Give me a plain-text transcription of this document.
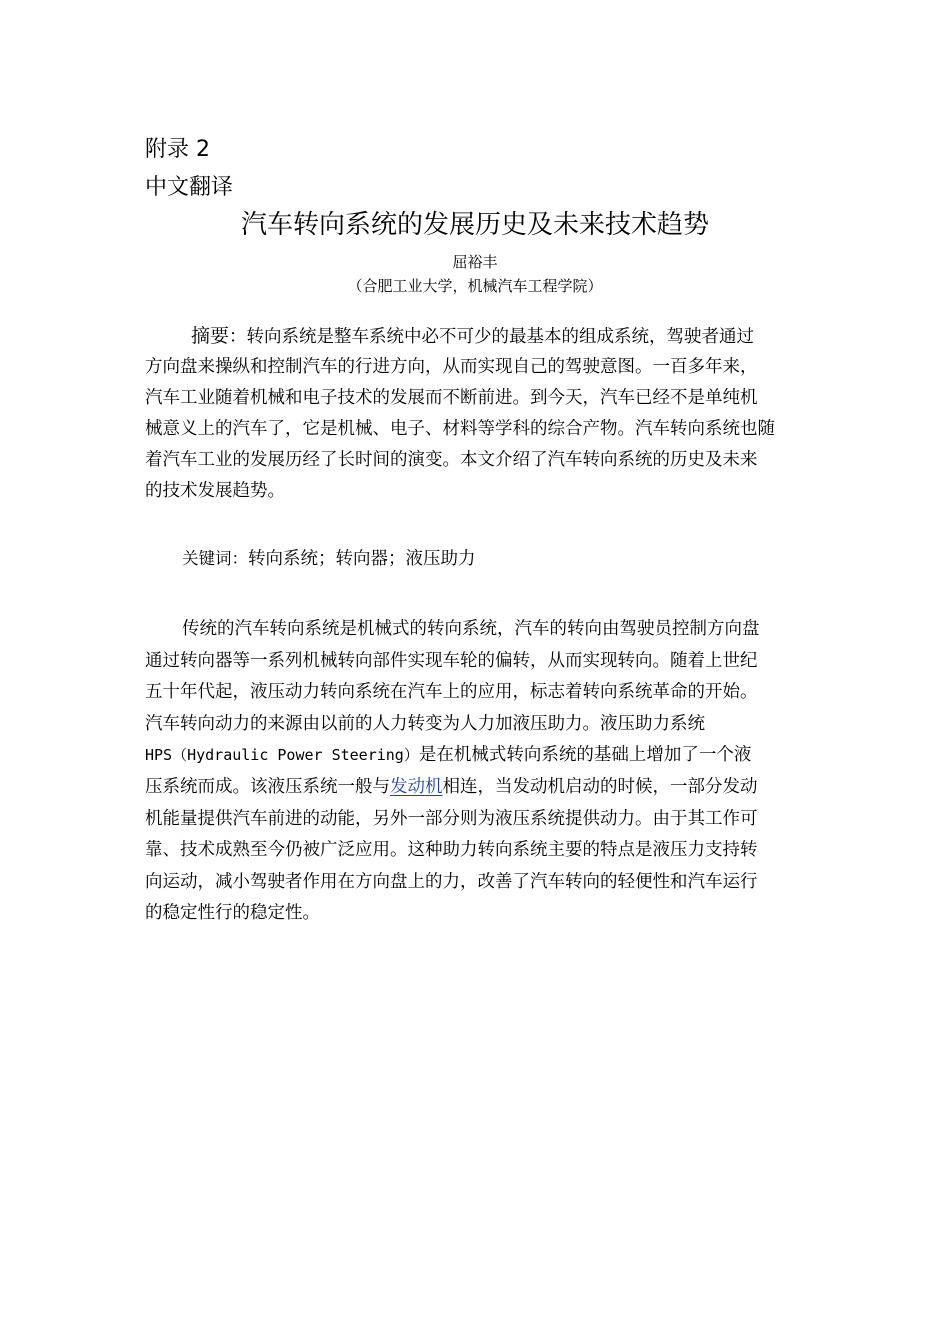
附录 2
中文翻译
汽车转向系统的发展历史及未来技术趋势
屈裕丰
（合肥工业大学，机械汽车工程学院）
摘要：转向系统是整车系统中必不可少的最基本的组成系统，驾驶者通过
方向盘来操纵和控制汽车的行进方向，从而实现自己的驾驶意图。一百多年来，
汽车工业随着机械和电子技术的发展而不断前进。到今天，汽车已经不是单纯机
械意义上的汽车了，它是机械、电子、材料等学科的综合产物。汽车转向系统也随
着汽车工业的发展历经了长时间的演变。本文介绍了汽车转向系统的历史及未来
的技术发展趋势。
关键词：转向系统；转向器；液压助力
传统的汽车转向系统是机械式的转向系统，汽车的转向由驾驶员控制方向盘
通过转向器等一系列机械转向部件实现车轮的偏转，从而实现转向。随着上世纪
五十年代起，液压动力转向系统在汽车上的应用，标志着转向系统革命的开始。
汽车转向动力的来源由以前的人力转变为人力加液压助力。液压助力系统
HPS（Hydraulic Power Steering）是在机械式转向系统的基础上增加了一个液
压系统而成。该液压系统一般与发动机相连，当发动机启动的时候，一部分发动
机能量提供汽车前进的动能，另外一部分则为液压系统提供动力。由于其工作可
靠、技术成熟至今仍被广泛应用。这种助力转向系统主要的特点是液压力支持转
向运动，减小驾驶者作用在方向盘上的力，改善了汽车转向的轻便性和汽车运行
的稳定性行的稳定性。
